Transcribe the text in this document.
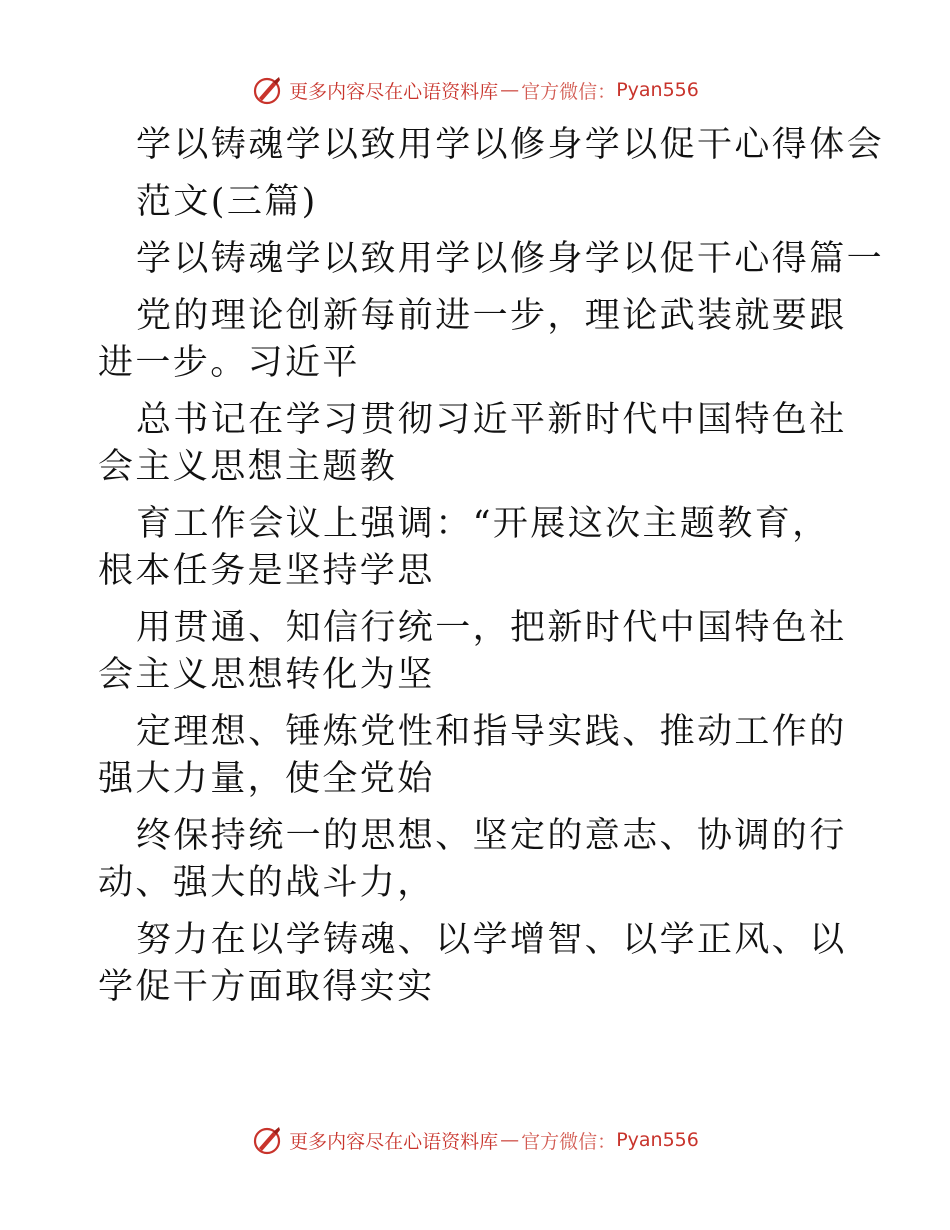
更多内容尽在心语资料库 — 官方微信： Pyan556

学以铸魂学以致用学以修身学以促干心得体会

范文(三篇)

学以铸魂学以致用学以修身学以促干心得篇一

党的理论创新每前进一步，理论武装就要跟进一步。习近平

总书记在学习贯彻习近平新时代中国特色社会主义思想主题教

育工作会议上强调：“开展这次主题教育，根本任务是坚持学思

用贯通、知信行统一，把新时代中国特色社会主义思想转化为坚

定理想、锤炼党性和指导实践、推动工作的强大力量，使全党始

终保持统一的思想、坚定的意志、协调的行动、强大的战斗力，

努力在以学铸魂、以学增智、以学正风、以学促干方面取得实实

更多内容尽在心语资料库 — 官方微信： Pyan556
